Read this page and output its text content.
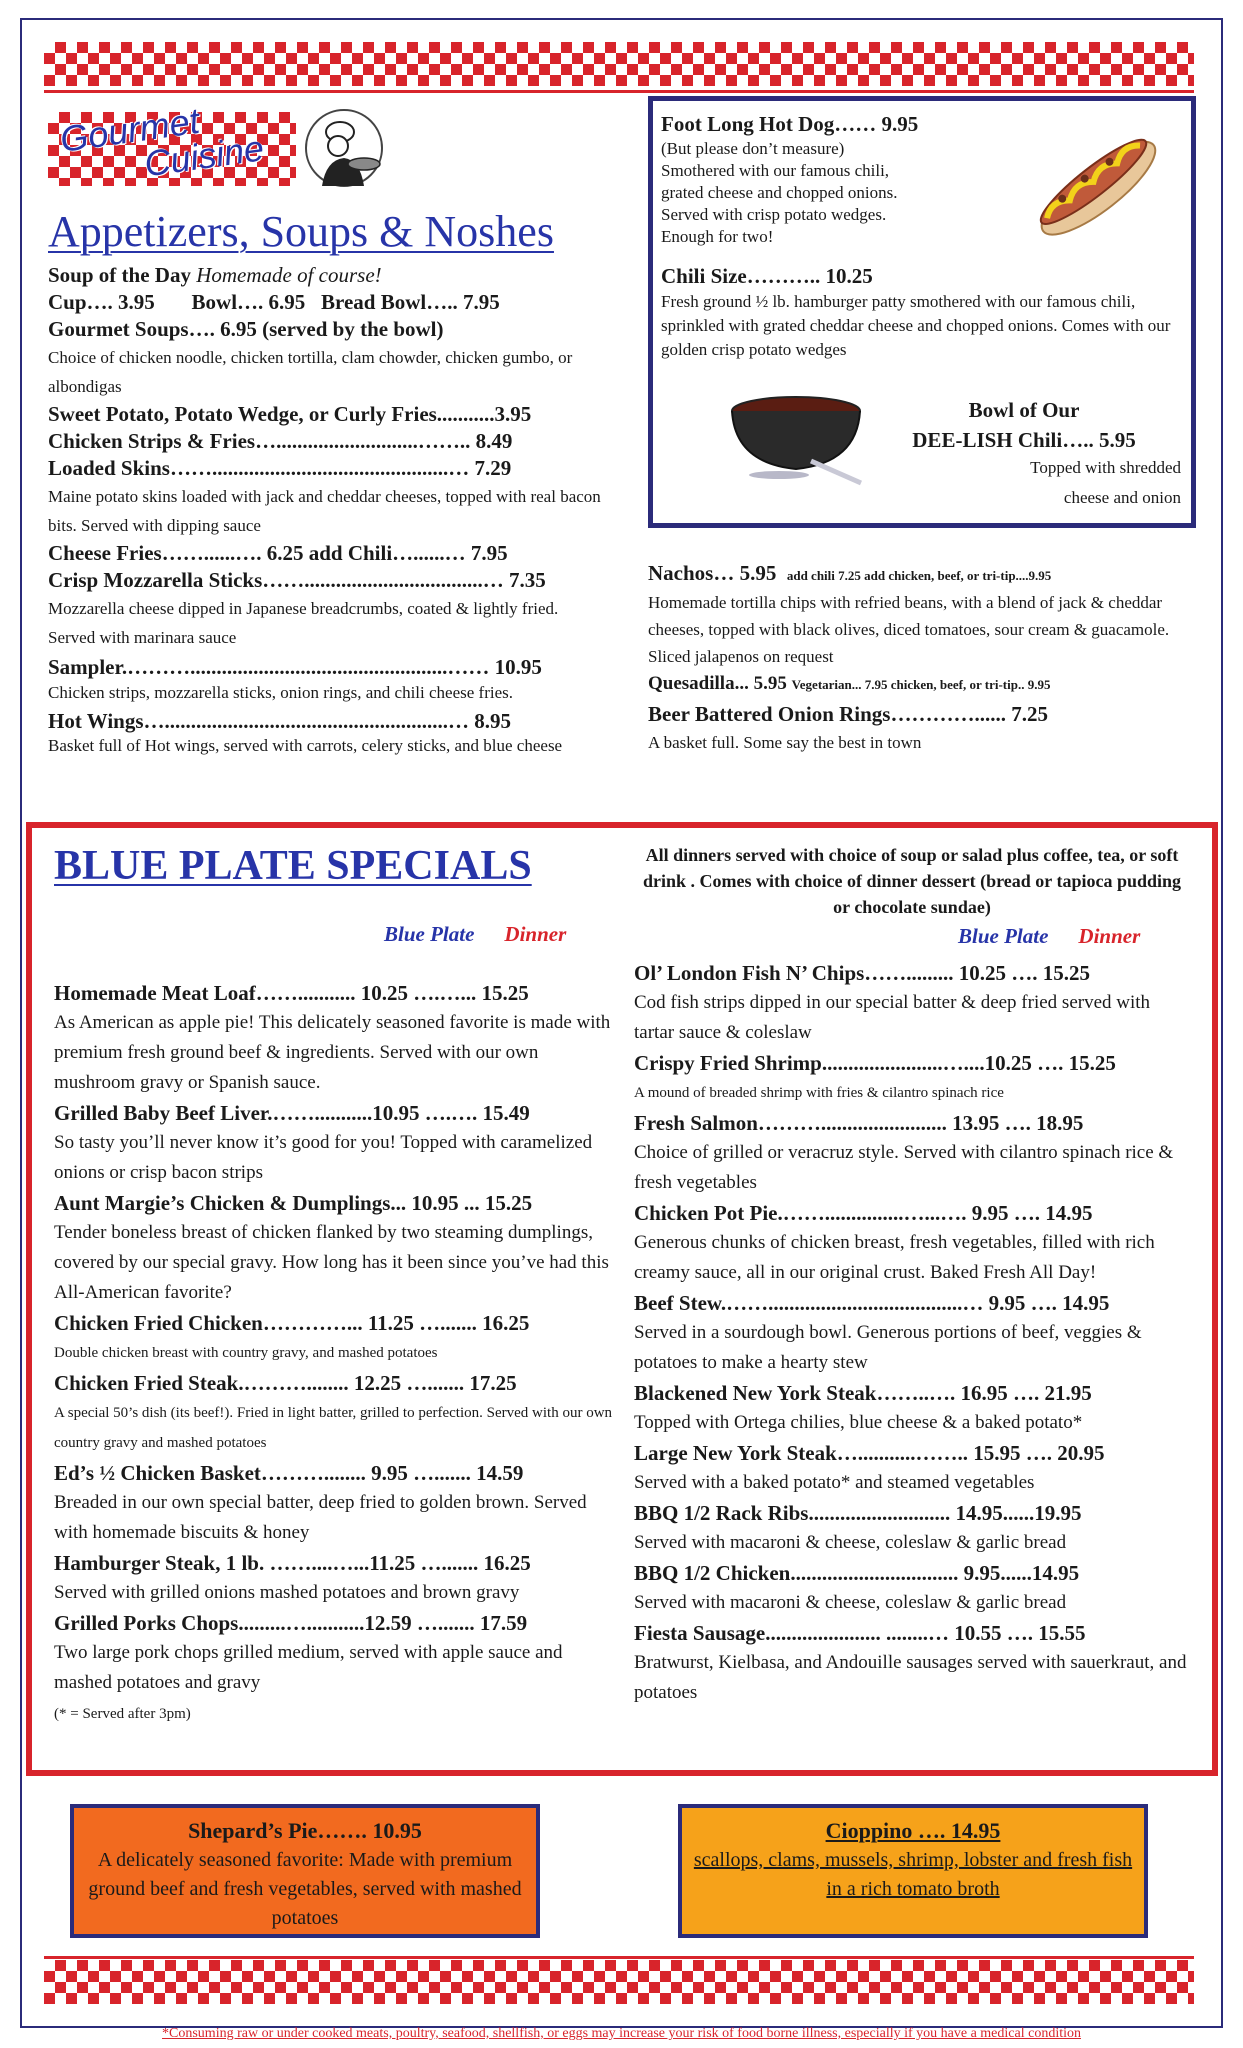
Gourmet
Cuisine
Appetizers, Soups & Noshes
Soup of the Day Homemade of course!
Cup…. 3.95       Bowl…. 6.95   Bread Bowl….. 7.95
Gourmet Soups…. 6.95 (served by the bowl)
Choice of chicken noodle, chicken tortilla, clam chowder, chicken gumbo, or albondigas
Sweet Potato, Potato Wedge, or Curly Fries...........3.95
Chicken Strips & Fries…...........................…….. 8.49
Loaded Skins…….............................................… 7.29
Maine potato skins loaded with jack and cheddar cheeses, topped with real bacon bits. Served with dipping sauce
Cheese Fries……......…. 6.25 add Chili…......… 7.95
Crisp Mozzarella Sticks……..................................… 7.35
Mozzarella cheese dipped in Japanese breadcrumbs, coated & lightly fried. Served with marinara sauce
Sampler.……….................................................…… 10.95
Chicken strips, mozzarella sticks, onion rings, and chili cheese fries.
Hot Wings…......................................................… 8.95
Basket full of Hot wings, served with carrots, celery sticks, and blue cheese
Foot Long Hot Dog…… 9.95
(But please don’t measure)
Smothered with our famous chili,
grated cheese and chopped onions.
Served with crisp potato wedges.
Enough for two!
Chili Size……….. 10.25
Fresh ground ½ lb. hamburger patty smothered with our famous chili, sprinkled with grated cheddar cheese and chopped onions. Comes with our golden crisp potato wedges
Bowl of Our
DEE-LISH Chili….. 5.95
Topped with shredded
cheese and onion
Nachos… 5.95 add chili 7.25 add chicken, beef, or tri-tip....9.95
Homemade tortilla chips with refried beans, with a blend of jack & cheddar cheeses, topped with black olives, diced tomatoes, sour cream & guacamole. Sliced jalapenos on request
Quesadilla... 5.95 Vegetarian... 7.95 chicken, beef, or tri-tip.. 9.95
Beer Battered Onion Rings…………...... 7.25
A basket full. Some say the best in town
BLUE PLATE SPECIALS	All dinners served with choice of soup or salad plus coffee, tea, or soft drink . Comes with choice of dinner dessert (bread or tapioca pudding or chocolate sundae)
Blue Plate Dinner	Blue Plate Dinner
Homemade Meat Loaf……........... 10.25 ….…... 15.25
As American as apple pie! This delicately seasoned favorite is made with premium fresh ground beef & ingredients. Served with our own mushroom gravy or Spanish sauce.
Grilled Baby Beef Liver.……...........10.95 ….…. 15.49
So tasty you’ll never know it’s good for you! Topped with caramelized onions or crisp bacon strips
Aunt Margie’s Chicken & Dumplings... 10.95 ... 15.25
Tender boneless breast of chicken flanked by two steaming dumplings, covered by our special gravy. How long has it been since you’ve had this All-American favorite?
Chicken Fried Chicken…………... 11.25 …....... 16.25
Double chicken breast with country gravy, and mashed potatoes
Chicken Fried Steak.………........ 12.25 …....... 17.25
A special 50’s dish (its beef!). Fried in light batter, grilled to perfection. Served with our own country gravy and mashed potatoes
Ed’s ½ Chicken Basket………........ 9.95 …....... 14.59
Breaded in our own special batter, deep fried to golden brown. Served with homemade biscuits & honey
Hamburger Steak, 1 lb. ……....…...11.25 …....... 16.25
Served with grilled onions mashed potatoes and brown gravy
Grilled Porks Chops.........…...........12.59 …....... 17.59
Two large pork chops grilled medium, served with apple sauce and mashed potatoes and gravy
(* = Served after 3pm)
Ol’ London Fish N’ Chips……......... 10.25 …. 15.25
Cod fish strips dipped in our special batter & deep fried served with tartar sauce & coleslaw
Crispy Fried Shrimp.......................…....10.25 …. 15.25
A mound of breaded shrimp with fries & cilantro spinach rice
Fresh Salmon………........................ 13.95 …. 18.95
Choice of grilled or veracruz style. Served with cilantro spinach rice & fresh vegetables
Chicken Pot Pie.……...............…...…. 9.95 …. 14.95
Generous chunks of chicken breast, fresh vegetables, filled with rich creamy sauce, all in our original crust. Baked Fresh All Day!
Beef Stew.…….....................................… 9.95 …. 14.95
Served in a sourdough bowl. Generous portions of beef, veggies & potatoes to make a hearty stew
Blackened New York Steak……..…. 16.95 …. 21.95
Topped with Ortega chilies, blue cheese & a baked potato*
Large New York Steak…...........…….. 15.95 …. 20.95
Served with a baked potato* and steamed vegetables
BBQ 1/2 Rack Ribs........................... 14.95......19.95
Served with macaroni & cheese, coleslaw & garlic bread
BBQ 1/2 Chicken................................ 9.95......14.95
Served with macaroni & cheese, coleslaw & garlic bread
Fiesta Sausage...................... ........… 10.55 …. 15.55
Bratwurst, Kielbasa, and Andouille sausages served with sauerkraut, and potatoes
Shepard’s Pie……. 10.95
A delicately seasoned favorite: Made with premium ground beef and fresh vegetables, served with mashed potatoes
Cioppino …. 14.95
scallops, clams, mussels, shrimp, lobster and fresh fish in a rich tomato broth
*Consuming raw or under cooked meats, poultry, seafood, shellfish, or eggs may increase your risk of food borne illness, especially if you have a medical condition
